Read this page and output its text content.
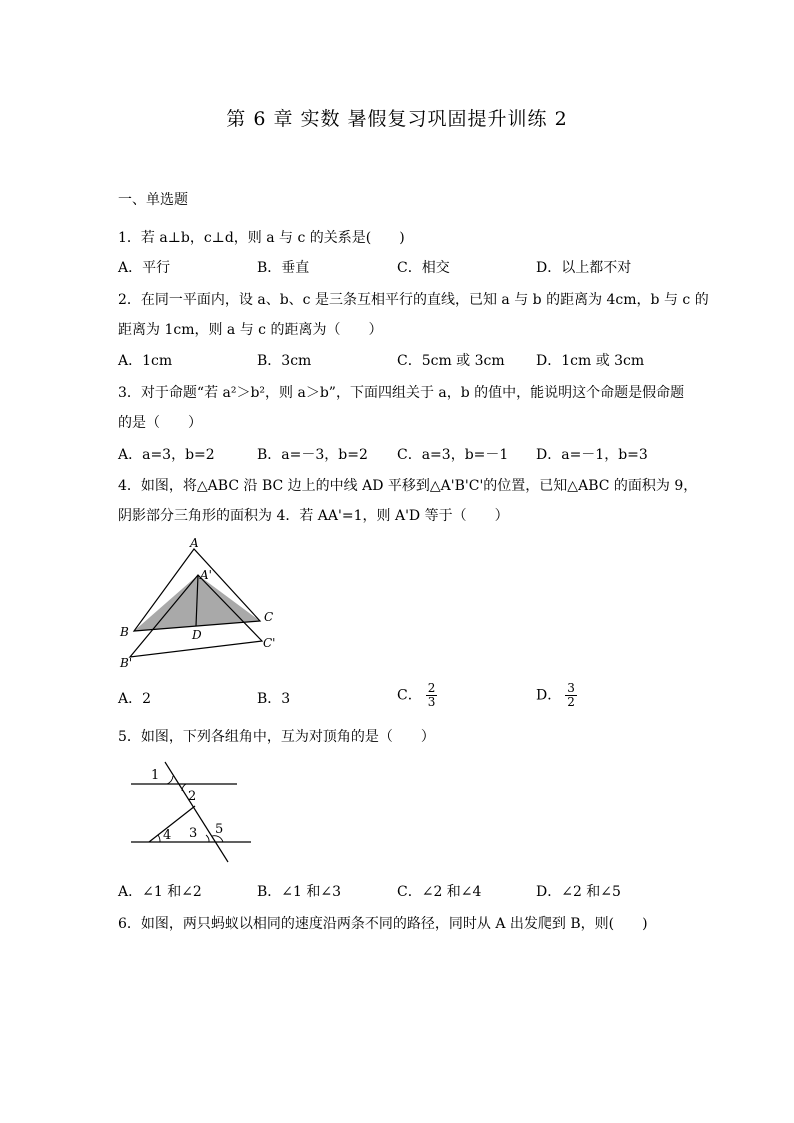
第 6 章 实数 暑假复习巩固提升训练 2
一、单选题
1．若 a⊥b，c⊥d，则 a 与 c 的关系是(　　)
A．平行	B．垂直	C．相交	D．以上都不对
2．在同一平面内，设 a、b、c 是三条互相平行的直线，已知 a 与 b 的距离为 4cm，b 与 c 的
距离为 1cm，则 a 与 c 的距离为（　　）
A．1cm	B．3cm	C．5cm 或 3cm D．1cm 或 3cm
3．对于命题“若 a²＞b²，则 a＞b”，下面四组关于 a，b 的值中，能说明这个命题是假命题
的是（　　）
A．a=3，b=2	B．a=－3，b=2 C．a=3，b=－1 D．a=－1，b=3
4．如图，将△ABC 沿 BC 边上的中线 AD 平移到△A'B'C'的位置，已知△ABC 的面积为 9，
阴影部分三角形的面积为 4．若 AA'=1，则 A'D 等于（　　）
A
A'
B
C
D
B'
C'
A．2	B．3	C． $\frac{2}{3}$	D． $\frac{3}{2}$
5．如图，下列各组角中，互为对顶角的是（　　）
1
2
3
4	5
A．∠1 和∠2	B．∠1 和∠3	C．∠2 和∠4	D．∠2 和∠5
6．如图，两只蚂蚁以相同的速度沿两条不同的路径，同时从 A 出发爬到 B，则(　　)
